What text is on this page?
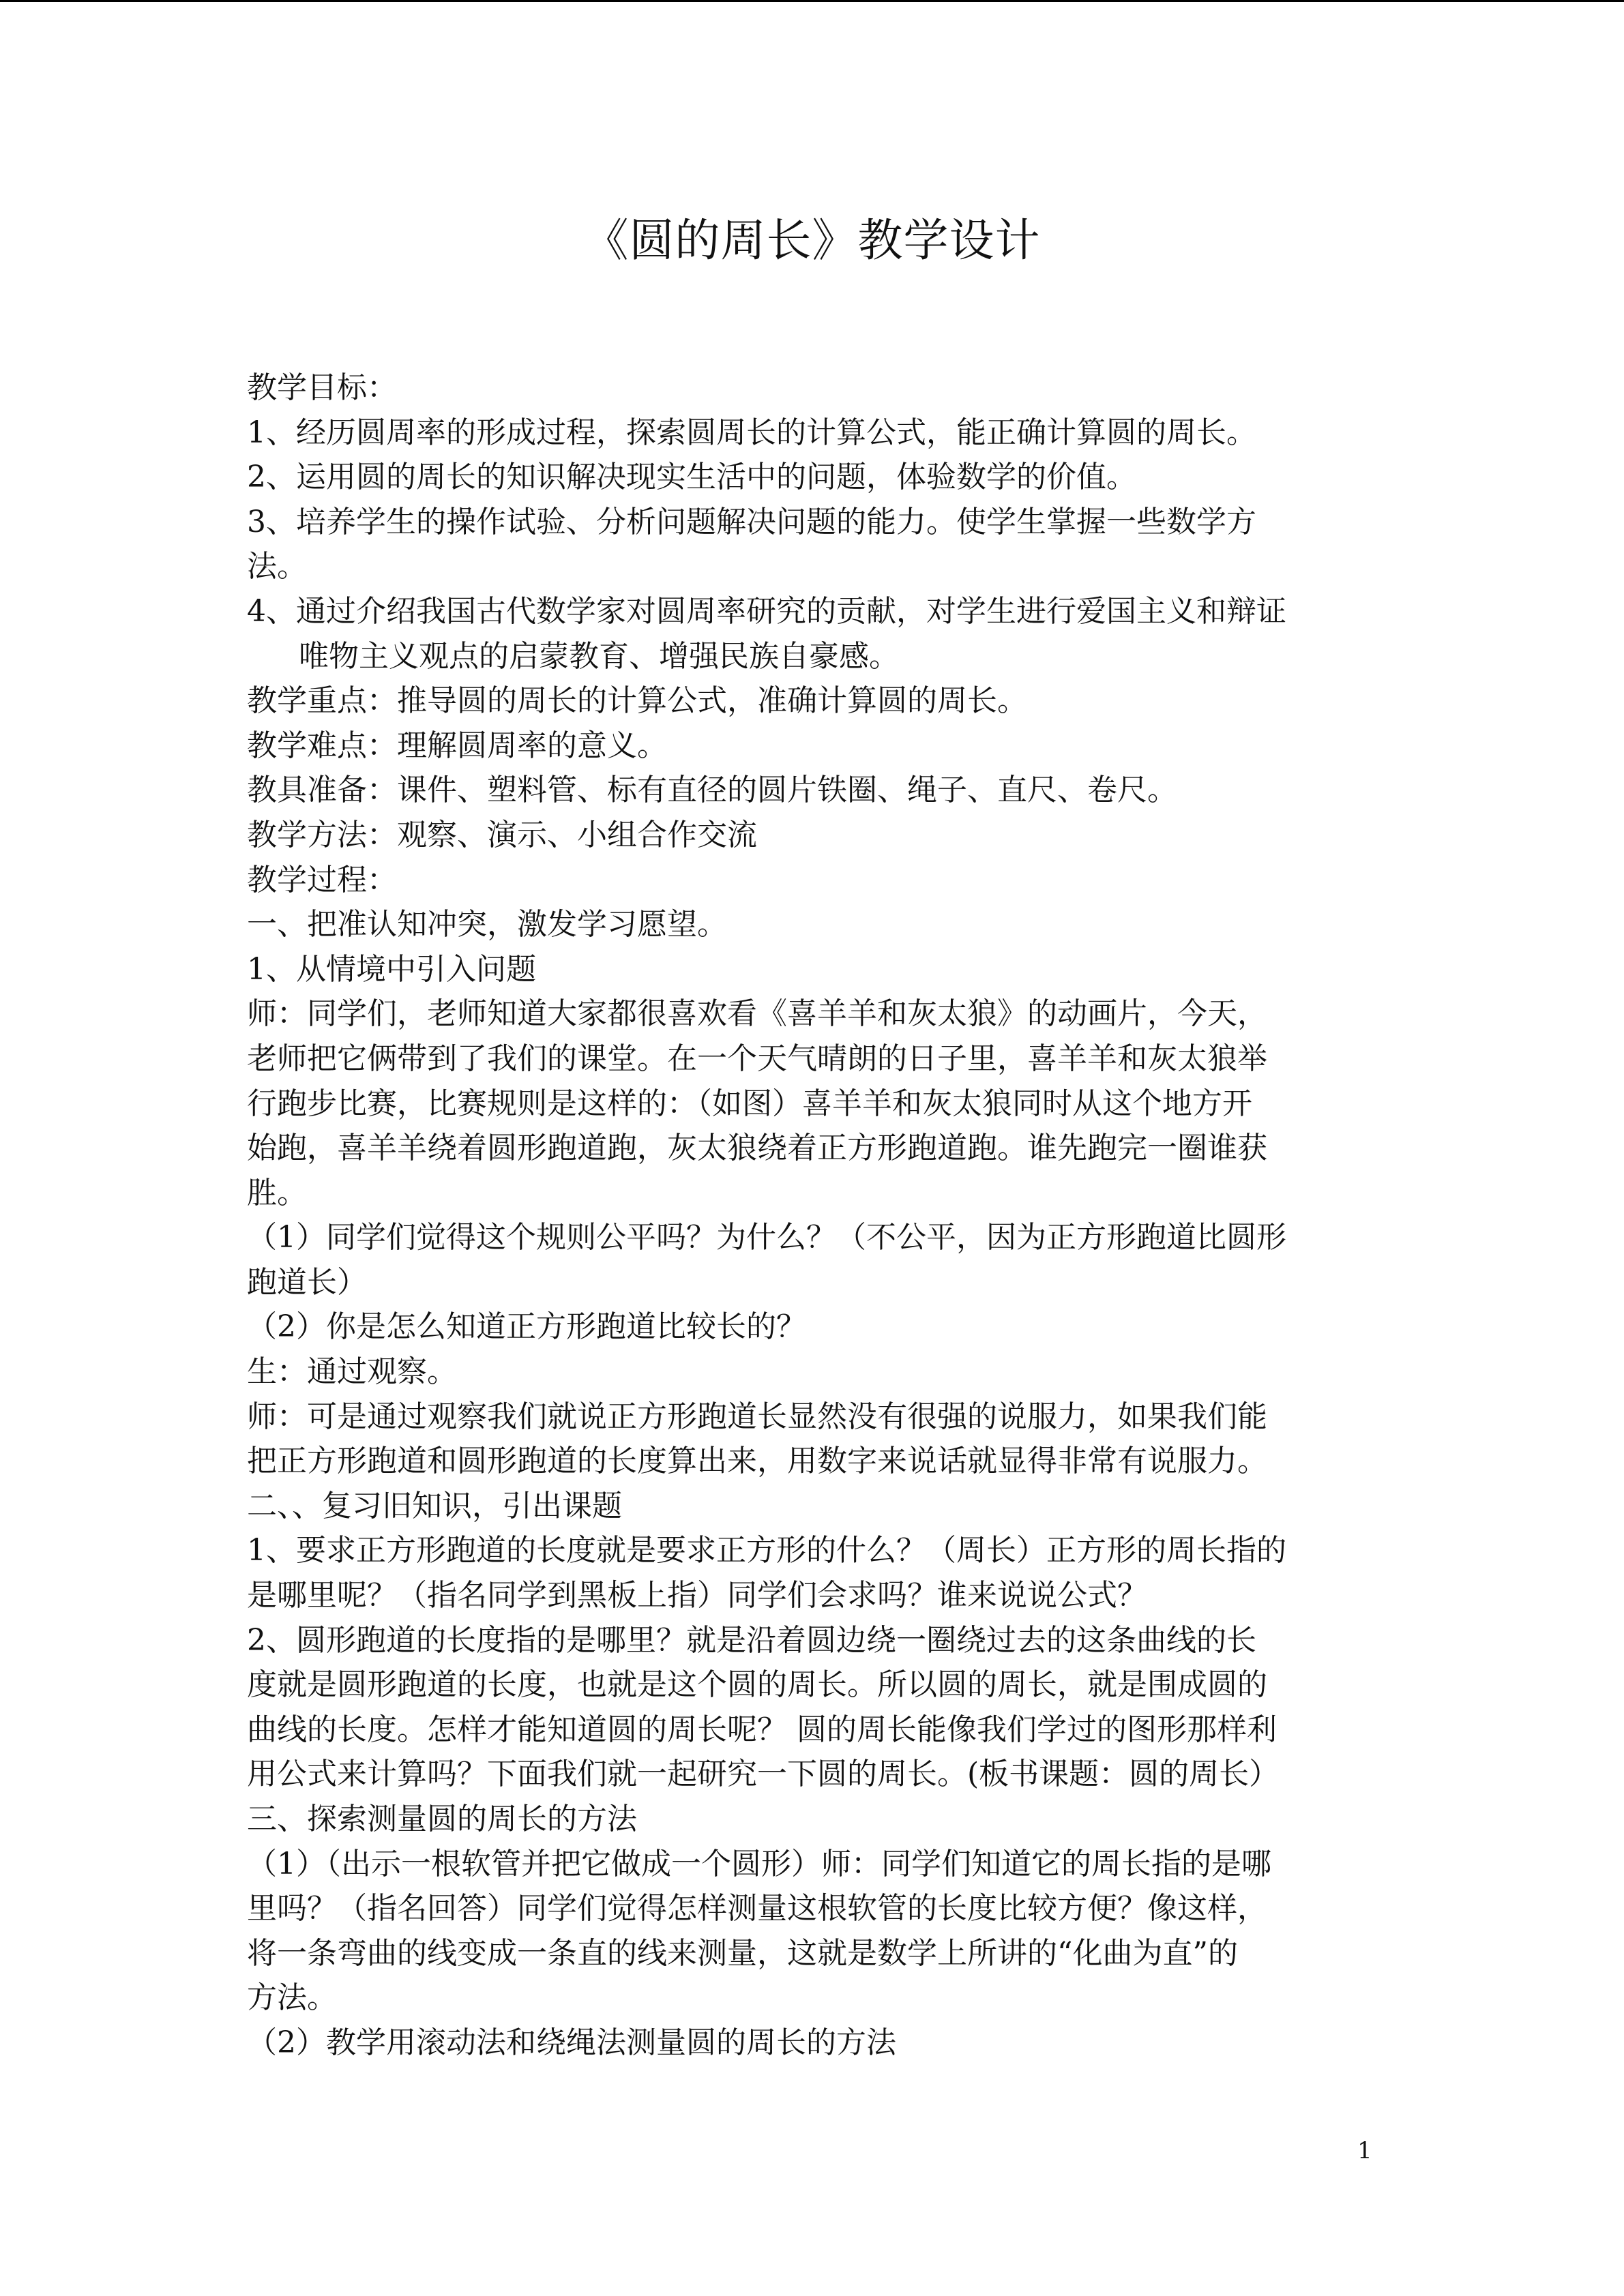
《圆的周长》教学设计
教学目标：
1、经历圆周率的形成过程，探索圆周长的计算公式，能正确计算圆的周长。
2、运用圆的周长的知识解决现实生活中的问题，体验数学的价值。
3、培养学生的操作试验、分析问题解决问题的能力。使学生掌握一些数学方
法。
4、通过介绍我国古代数学家对圆周率研究的贡献，对学生进行爱国主义和辩证
唯物主义观点的启蒙教育、增强民族自豪感。
教学重点：推导圆的周长的计算公式，准确计算圆的周长。
教学难点：理解圆周率的意义。
教具准备：课件、塑料管、标有直径的圆片铁圈、绳子、直尺、卷尺。
教学方法：观察、演示、小组合作交流
教学过程：
一、把准认知冲突，激发学习愿望。
1、从情境中引入问题
师：同学们，老师知道大家都很喜欢看《喜羊羊和灰太狼》的动画片，今天，
老师把它俩带到了我们的课堂。在一个天气晴朗的日子里，喜羊羊和灰太狼举
行跑步比赛，比赛规则是这样的：（如图）喜羊羊和灰太狼同时从这个地方开
始跑，喜羊羊绕着圆形跑道跑，灰太狼绕着正方形跑道跑。谁先跑完一圈谁获
胜。
（1）同学们觉得这个规则公平吗？为什么？（不公平，因为正方形跑道比圆形
跑道长）
（2）你是怎么知道正方形跑道比较长的？
生：通过观察。
师：可是通过观察我们就说正方形跑道长显然没有很强的说服力，如果我们能
把正方形跑道和圆形跑道的长度算出来，用数字来说话就显得非常有说服力。
二、、复习旧知识，引出课题
1、要求正方形跑道的长度就是要求正方形的什么？（周长）正方形的周长指的
是哪里呢？（指名同学到黑板上指）同学们会求吗？谁来说说公式？
2、圆形跑道的长度指的是哪里？就是沿着圆边绕一圈绕过去的这条曲线的长
度就是圆形跑道的长度，也就是这个圆的周长。所以圆的周长，就是围成圆的
曲线的长度。怎样才能知道圆的周长呢？ 圆的周长能像我们学过的图形那样利
用公式来计算吗？下面我们就一起研究一下圆的周长。(板书课题：圆的周长）
三、探索测量圆的周长的方法
（1）（出示一根软管并把它做成一个圆形）师：同学们知道它的周长指的是哪
里吗？（指名回答）同学们觉得怎样测量这根软管的长度比较方便？像这样，
将一条弯曲的线变成一条直的线来测量，这就是数学上所讲的“化曲为直”的
方法。
（2）教学用滚动法和绕绳法测量圆的周长的方法
1
